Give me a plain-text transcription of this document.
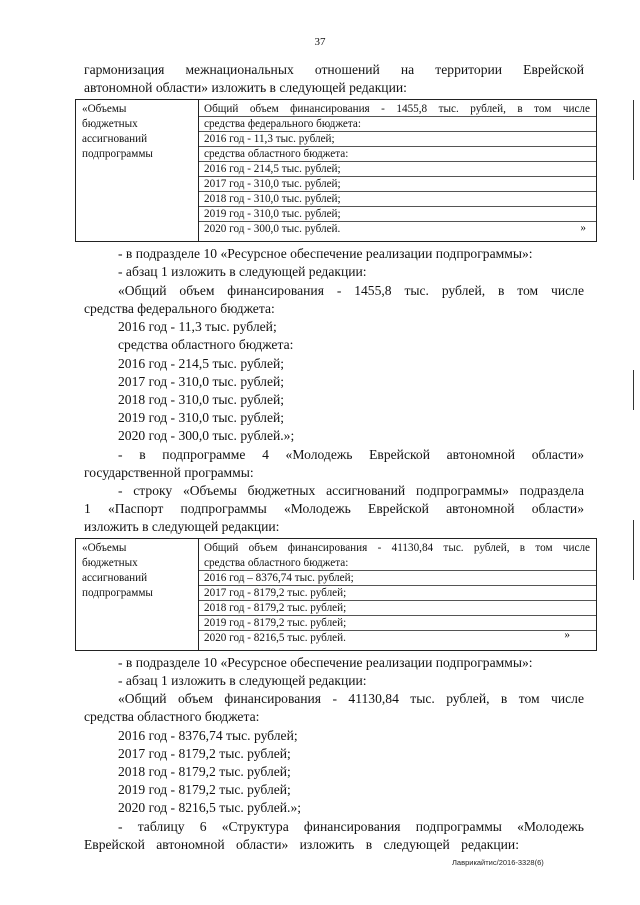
37
гармонизация межнациональных отношений на территории Еврейской
автономной области» изложить в следующей редакции:
«Объемы
бюджетных
ассигнований
подпрограммы
Общий объем финансирования - 1455,8 тыс. рублей, в том числе
средства федерального бюджета:
2016 год - 11,3 тыс. рублей;
средства областного бюджета:
2016 год - 214,5 тыс. рублей;
2017 год - 310,0 тыс. рублей;
2018 год - 310,0 тыс. рублей;
2019 год - 310,0 тыс. рублей;
2020 год - 300,0 тыс. рублей.	»
- в подразделе 10 «Ресурсное обеспечение реализации подпрограммы»:
- абзац 1 изложить в следующей редакции:
«Общий объем финансирования - 1455,8 тыс. рублей, в том числе
средства федерального бюджета:
2016 год - 11,3 тыс. рублей;
средства областного бюджета:
2016 год - 214,5 тыс. рублей;
2017 год - 310,0 тыс. рублей;
2018 год - 310,0 тыс. рублей;
2019 год - 310,0 тыс. рублей;
2020 год - 300,0 тыс. рублей.»;
- в подпрограмме 4 «Молодежь Еврейской автономной области»
государственной программы:
- строку «Объемы бюджетных ассигнований подпрограммы» подраздела
1 «Паспорт подпрограммы «Молодежь Еврейской автономной области»
изложить в следующей редакции:
«Объемы
бюджетных
ассигнований
подпрограммы
Общий объем финансирования - 41130,84 тыс. рублей, в том числе
средства областного бюджета:
2016 год – 8376,74 тыс. рублей;
2017 год - 8179,2 тыс. рублей;
2018 год - 8179,2 тыс. рублей;
2019 год - 8179,2 тыс. рублей;
2020 год - 8216,5 тыс. рублей.	»
- в подразделе 10 «Ресурсное обеспечение реализации подпрограммы»:
- абзац 1 изложить в следующей редакции:
«Общий объем финансирования - 41130,84 тыс. рублей, в том числе
средства областного бюджета:
2016 год - 8376,74 тыс. рублей;
2017 год - 8179,2 тыс. рублей;
2018 год - 8179,2 тыс. рублей;
2019 год - 8179,2 тыс. рублей;
2020 год - 8216,5 тыс. рублей.»;
- таблицу 6 «Структура финансирования подпрограммы «Молодежь
Еврейской автономной области» изложить в следующей редакции:
Лаврикайтис/2016-3328(6)
